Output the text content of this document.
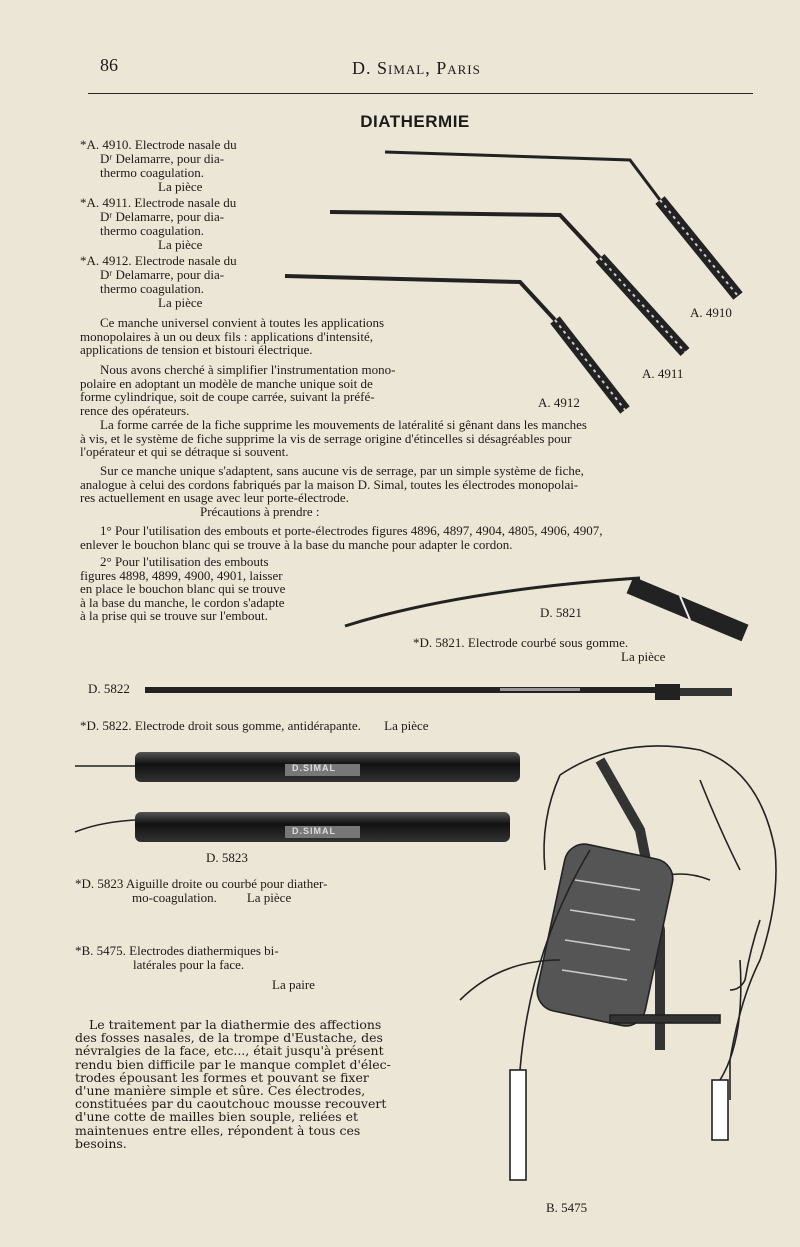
86	D. Simal, Paris
DIATHERMIE
*A. 4910. Electrode nasale du
Dʳ Delamarre, pour dia-
thermo coagulation.
La pièce
*A. 4911. Electrode nasale du
Dʳ Delamarre, pour dia-
thermo coagulation.
La pièce
*A. 4912. Electrode nasale du
Dʳ Delamarre, pour dia-
thermo coagulation.
La pièce
A. 4910
A. 4911
A. 4912
Ce manche universel convient à toutes les applications
monopolaires à un ou deux fils : applications d'intensité,
applications de tension et bistouri électrique.
Nous avons cherché à simplifier l'instrumentation mono-
polaire en adoptant un modèle de manche unique soit de
forme cylindrique, soit de coupe carrée, suivant la préfé-
rence des opérateurs.
La forme carrée de la fiche supprime les mouvements de latéralité si gênant dans les manches
à vis, et le système de fiche supprime la vis de serrage origine d'étincelles si désagréables pour
l'opérateur et qui se détraque si souvent.
Sur ce manche unique s'adaptent, sans aucune vis de serrage, par un simple système de fiche,
analogue à celui des cordons fabriqués par la maison D. Simal, toutes les électrodes monopolai-
res actuellement en usage avec leur porte-électrode.
Précautions à prendre :
1° Pour l'utilisation des embouts et porte-électrodes figures 4896, 4897, 4904, 4805, 4906, 4907,
enlever le bouchon blanc qui se trouve à la base du manche pour adapter le cordon.
2° Pour l'utilisation des embouts
figures 4898, 4899, 4900, 4901, laisser
en place le bouchon blanc qui se trouve
à la base du manche, le cordon s'adapte
à la prise qui se trouve sur l'embout.	D. 5821
*D. 5821. Electrode courbé sous gomme.
La pièce
D. 5822
*D. 5822. Electrode droit sous gomme, antidérapante. La pièce
D.SIMAL
D.SIMAL
D. 5823
*D. 5823 Aiguille droite ou courbé pour diather-
mo-coagulation. La pièce
*B. 5475. Electrodes diathermiques bi-
latérales pour la face.
La paire
Le traitement par la diathermie des affections
des fosses nasales, de la trompe d'Eustache, des
névralgies de la face, etc..., était jusqu'à présent
rendu bien difficile par le manque complet d'élec-
trodes épousant les formes et pouvant se fixer
d'une manière simple et sûre. Ces électrodes,
constituées par du caoutchouc mousse recouvert
d'une cotte de mailles bien souple, reliées et
maintenues entre elles, répondent à tous ces
besoins.
B. 5475
